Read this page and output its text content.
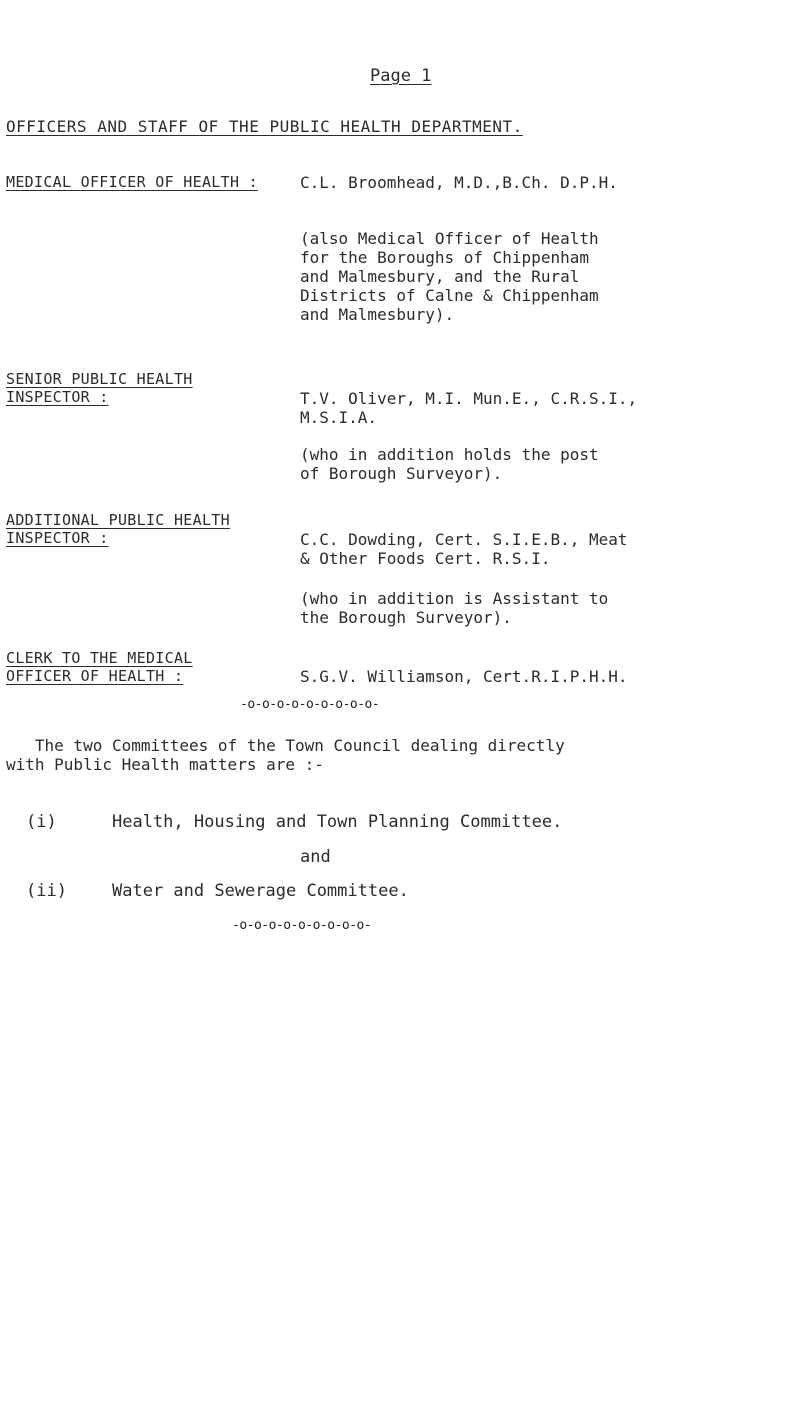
Page 1
OFFICERS AND STAFF OF THE PUBLIC HEALTH DEPARTMENT.
MEDICAL OFFICER OF HEALTH :	C.L. Broomhead, M.D.,B.Ch. D.P.H.
(also Medical Officer of Health
for the Boroughs of Chippenham
and Malmesbury, and the Rural
Districts of Calne & Chippenham
and Malmesbury).
SENIOR PUBLIC HEALTH
INSPECTOR :	T.V. Oliver, M.I. Mun.E., C.R.S.I.,
M.S.I.A.
(who in addition holds the post
of Borough Surveyor).
ADDITIONAL PUBLIC HEALTH
INSPECTOR :	C.C. Dowding, Cert. S.I.E.B., Meat
& Other Foods Cert. R.S.I.
(who in addition is Assistant to
the Borough Surveyor).
CLERK TO THE MEDICAL
OFFICER OF HEALTH :	S.G.V. Williamson, Cert.R.I.P.H.H.
-o-o-o-o-o-o-o-o-o-
The two Committees of the Town Council dealing directly
with Public Health matters are :-
(i)	Health, Housing and Town Planning Committee.
and
(ii)	Water and Sewerage Committee.
-o-o-o-o-o-o-o-o-o-
